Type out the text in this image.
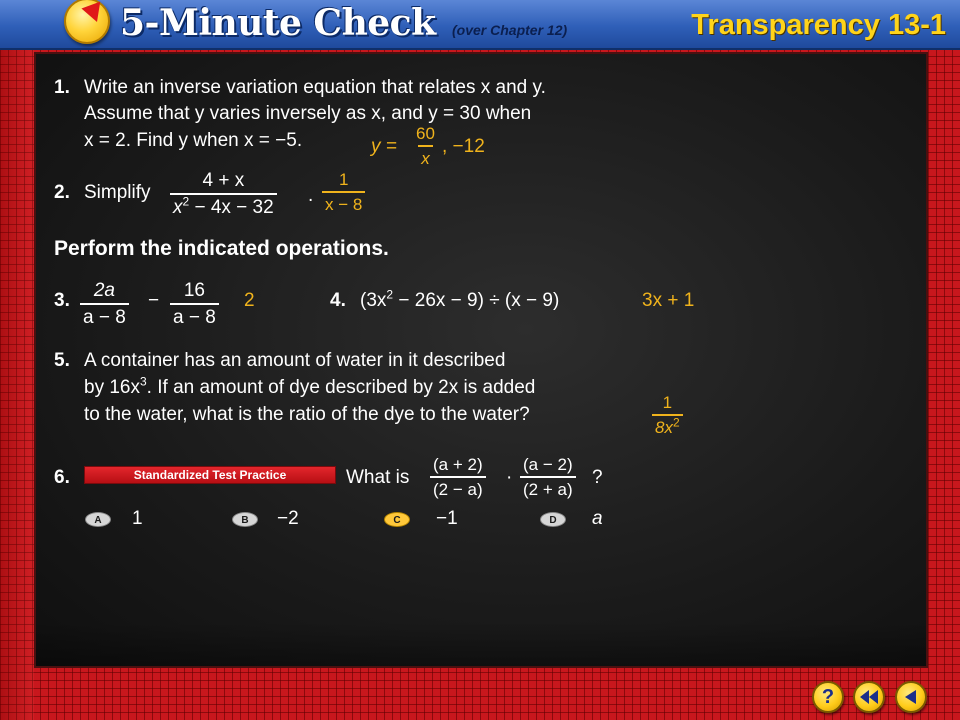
5-Minute Check (over Chapter 12)	Transparency 13-1
1. Write an inverse variation equation that relates x and y.
Assume that y varies inversely as x, and y = 30 when
x = 2. Find y when x = −5.	$y = \frac{60}{x}$ , −12
2. Simplify $\frac{4 + x}{x^2 - 4x - 32}$ . $\frac{1}{x - 8}$
Perform the indicated operations.
3. $\frac{2a}{a - 8} - \frac{16}{a - 8} 2$	4. $(3x^2 - 26x - 9) \div (x - 9)$	3x + 1
5. A container has an amount of water in it described
by $16x^3$. If an amount of dye described by 2x is added
to the water, what is the ratio of the dye to the water?	$\frac{1}{8x^2}$
6.	Standardized Test Practice	What is $\frac{(a + 2)}{(2 - a)} \cdot \frac{(a - 2)}{(2 + a)}$ ?
A	1	B	−2	C	−1	D	a
?
